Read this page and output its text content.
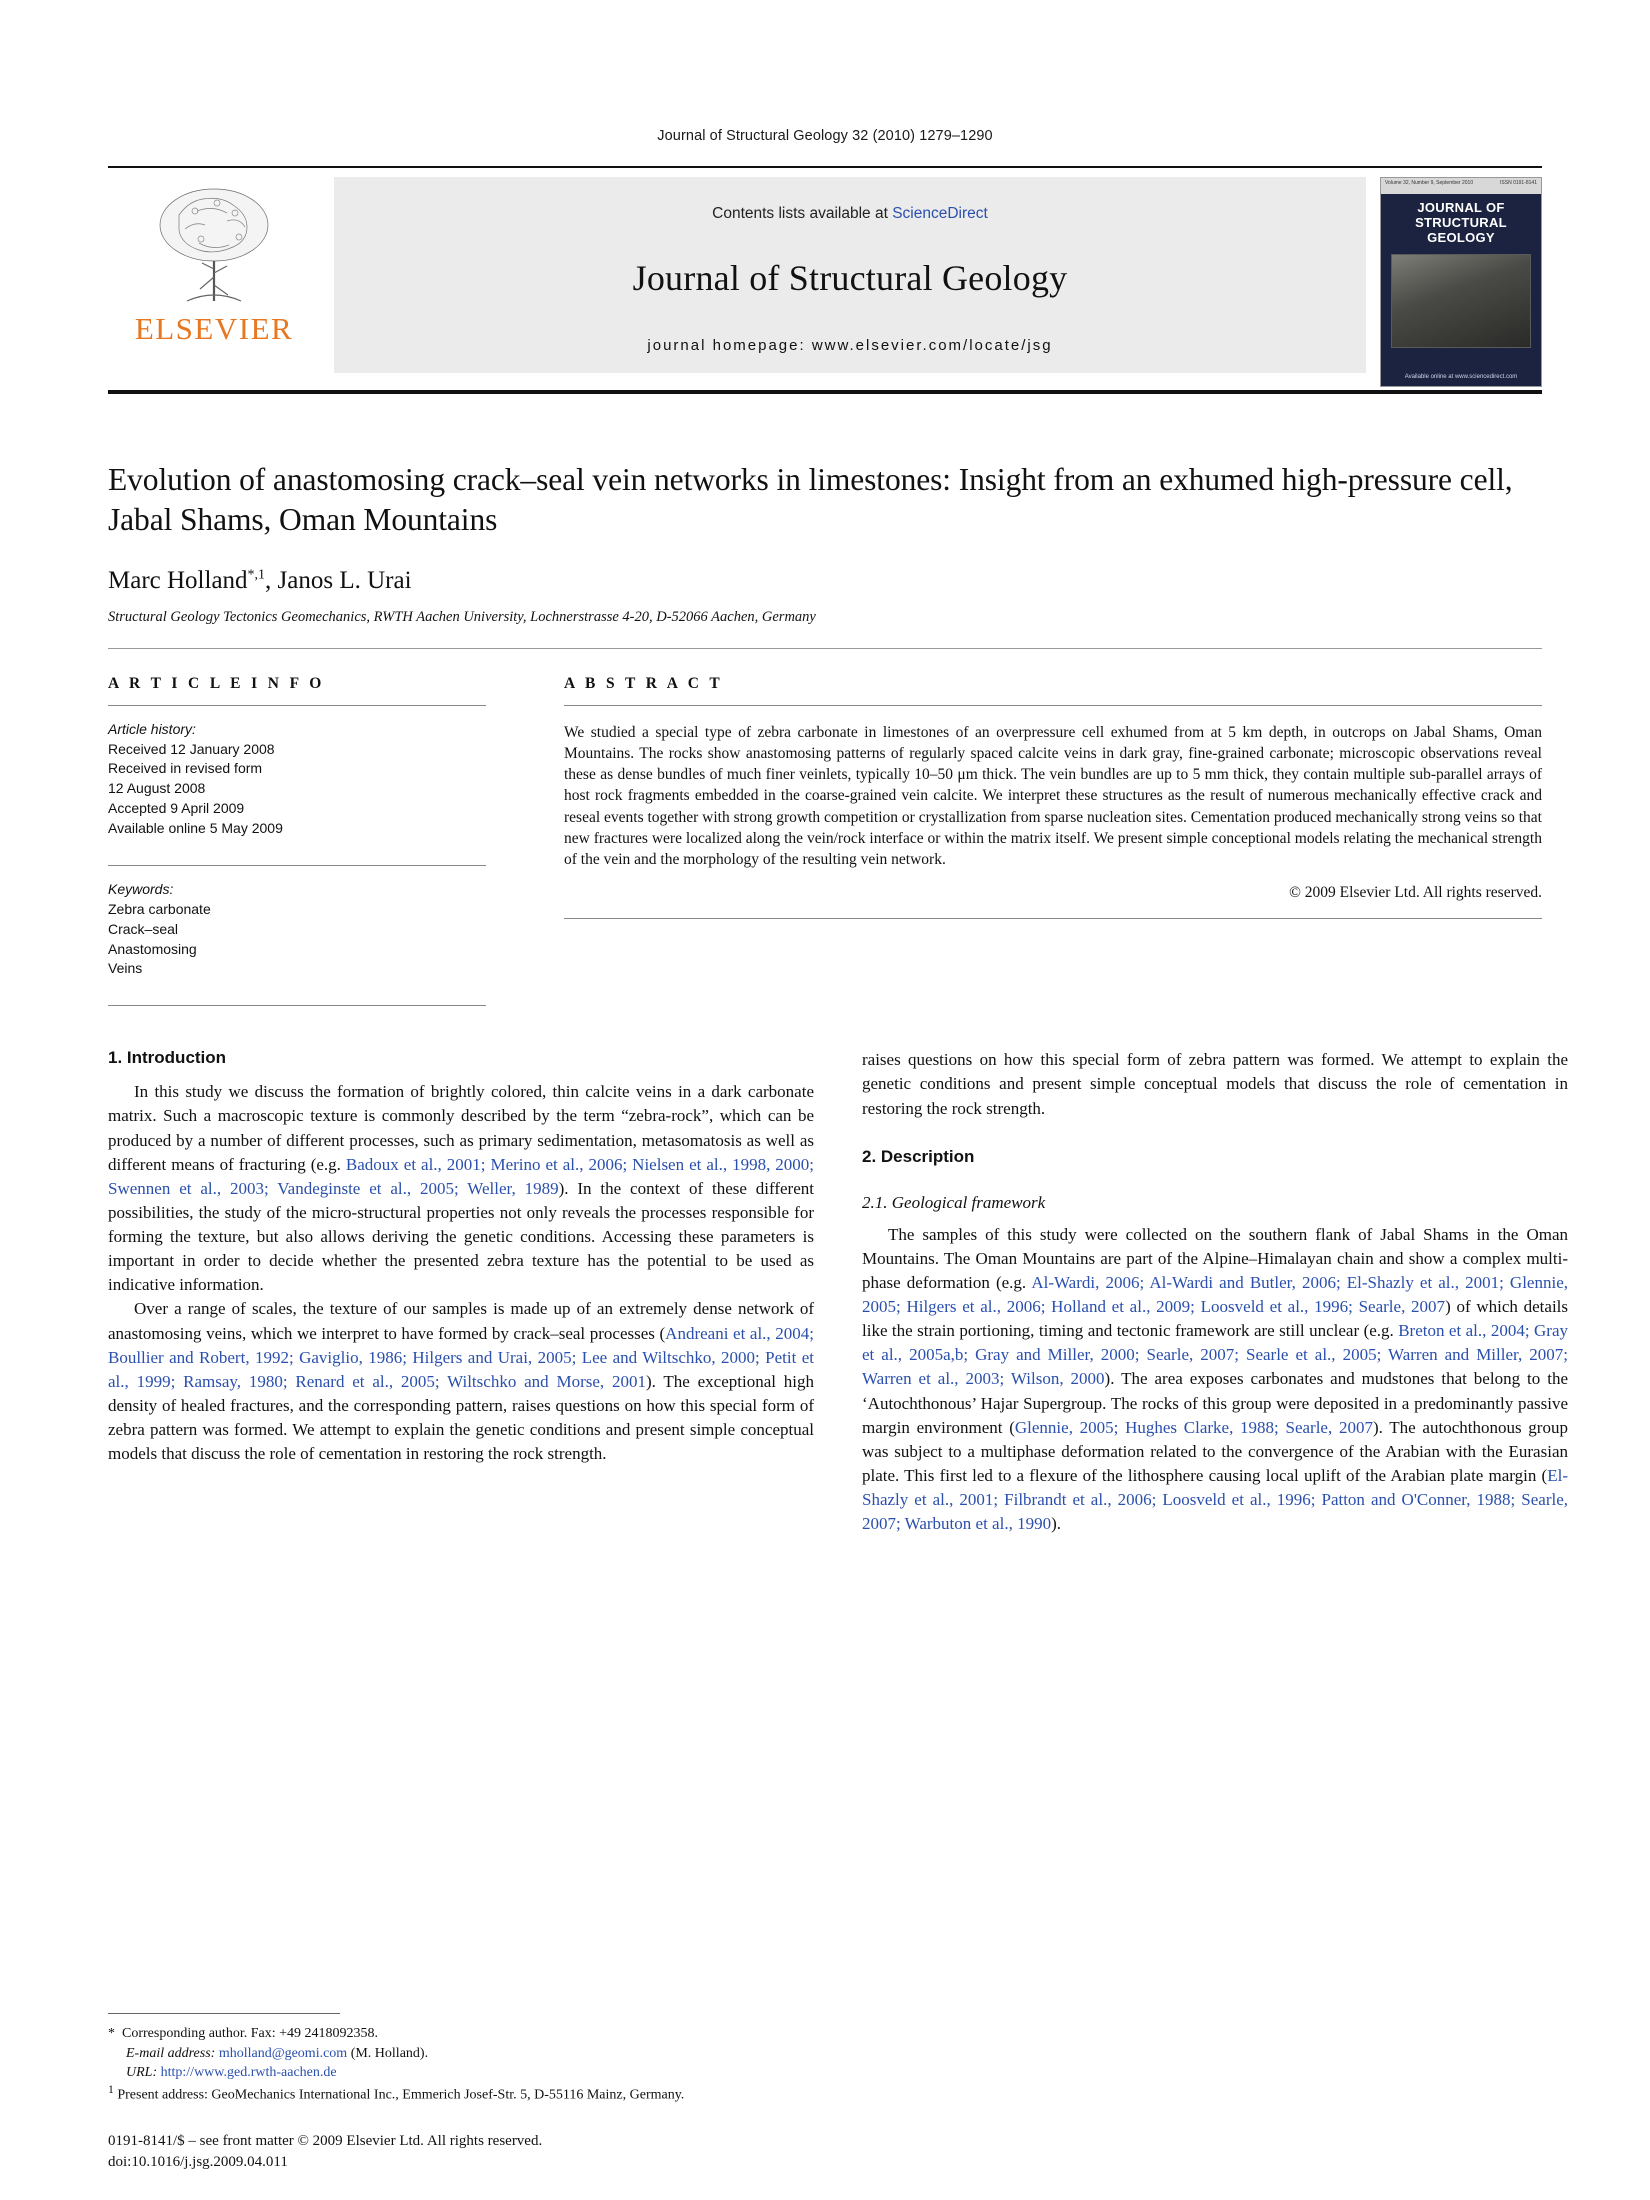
Journal of Structural Geology 32 (2010) 1279–1290
ELSEVIER
Contents lists available at ScienceDirect
Journal of Structural Geology
journal homepage: www.elsevier.com/locate/jsg
Volume 32, Number 9, September 2010	ISSN 0191-8141
JOURNAL OF
STRUCTURAL
GEOLOGY
Available online at www.sciencedirect.com
Evolution of anastomosing crack–seal vein networks in limestones: Insight from an exhumed high-pressure cell, Jabal Shams, Oman Mountains
Marc Holland$^{*,1}$, Janos L. Urai
Structural Geology Tectonics Geomechanics, RWTH Aachen University, Lochnerstrasse 4-20, D-52066 Aachen, Germany
A R T I C L E I N F O
Article history:
Received 12 January 2008
Received in revised form
12 August 2008
Accepted 9 April 2009
Available online 5 May 2009
Keywords:
Zebra carbonate
Crack–seal
Anastomosing
Veins
A B S T R A C T
We studied a special type of zebra carbonate in limestones of an overpressure cell exhumed from at 5 km depth, in outcrops on Jabal Shams, Oman Mountains. The rocks show anastomosing patterns of regularly spaced calcite veins in dark gray, fine-grained carbonate; microscopic observations reveal these as dense bundles of much finer veinlets, typically 10–50 μm thick. The vein bundles are up to 5 mm thick, they contain multiple sub-parallel arrays of host rock fragments embedded in the coarse-grained vein calcite. We interpret these structures as the result of numerous mechanically effective crack and reseal events together with strong growth competition or crystallization from sparse nucleation sites. Cementation produced mechanically strong veins so that new fractures were localized along the vein/rock interface or within the matrix itself. We present simple conceptional models relating the mechanical strength of the vein and the morphology of the resulting vein network.
© 2009 Elsevier Ltd. All rights reserved.
1. Introduction

In this study we discuss the formation of brightly colored, thin calcite veins in a dark carbonate matrix. Such a macroscopic texture is commonly described by the term “zebra-rock”, which can be produced by a number of different processes, such as primary sedimentation, metasomatosis as well as different means of fracturing (e.g. Badoux et al., 2001; Merino et al., 2006; Nielsen et al., 1998, 2000; Swennen et al., 2003; Vandeginste et al., 2005; Weller, 1989). In the context of these different possibilities, the study of the micro-structural properties not only reveals the processes responsible for forming the texture, but also allows deriving the genetic conditions. Accessing these parameters is important in order to decide whether the presented zebra texture has the potential to be used as indicative information.

Over a range of scales, the texture of our samples is made up of an extremely dense network of anastomosing veins, which we interpret to have formed by crack–seal processes (Andreani et al., 2004; Boullier and Robert, 1992; Gaviglio, 1986; Hilgers and Urai, 2005; Lee and Wiltschko, 2000; Petit et al., 1999; Ramsay, 1980; Renard et al., 2005; Wiltschko and Morse, 2001). The exceptional high density of healed fractures, and the corresponding pattern, raises questions on how this special form of zebra pattern was formed. We attempt to explain the genetic conditions and present simple conceptual models that discuss the role of cementation in restoring the rock strength.

* Corresponding author. Fax: +49 2418092358.
E-mail address: mholland@geomi.com (M. Holland).
URL: http://www.ged.rwth-aachen.de
$^1$ Present address: GeoMechanics International Inc., Emmerich Josef-Str. 5, D-55116 Mainz, Germany.
0191-8141/$ – see front matter © 2009 Elsevier Ltd. All rights reserved.
doi:10.1016/j.jsg.2009.04.011

raises questions on how this special form of zebra pattern was formed. We attempt to explain the genetic conditions and present simple conceptual models that discuss the role of cementation in restoring the rock strength.

2. Description
2.1. Geological framework

The samples of this study were collected on the southern flank of Jabal Shams in the Oman Mountains. The Oman Mountains are part of the Alpine–Himalayan chain and show a complex multi-phase deformation (e.g. Al-Wardi, 2006; Al-Wardi and Butler, 2006; El-Shazly et al., 2001; Glennie, 2005; Hilgers et al., 2006; Holland et al., 2009; Loosveld et al., 1996; Searle, 2007) of which details like the strain portioning, timing and tectonic framework are still unclear (e.g. Breton et al., 2004; Gray et al., 2005a,b; Gray and Miller, 2000; Searle, 2007; Searle et al., 2005; Warren and Miller, 2007; Warren et al., 2003; Wilson, 2000). The area exposes carbonates and mudstones that belong to the ‘Autochthonous’ Hajar Supergroup. The rocks of this group were deposited in a predominantly passive margin environment (Glennie, 2005; Hughes Clarke, 1988; Searle, 2007). The autochthonous group was subject to a multiphase deformation related to the convergence of the Arabian with the Eurasian plate. This first led to a flexure of the lithosphere causing local uplift of the Arabian plate margin (El-Shazly et al., 2001; Filbrandt et al., 2006; Loosveld et al., 1996; Patton and O'Conner, 1988; Searle, 2007; Warbuton et al., 1990).
